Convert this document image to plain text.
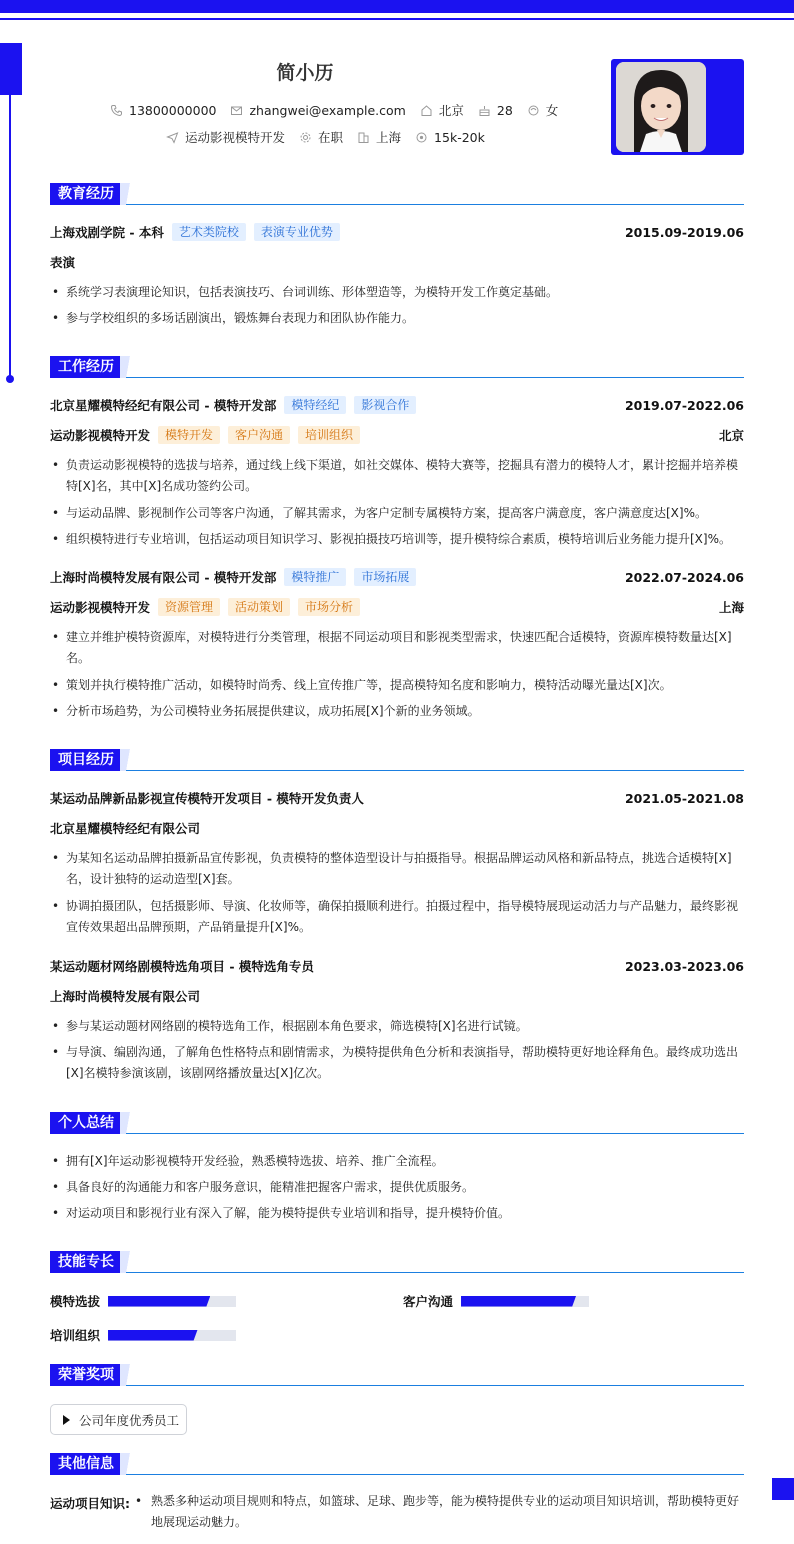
简小历
13800000000	zhangwei@example.com	北京	28	女
运动影视模特开发	在职	上海	15k-20k
教育经历
上海戏剧学院 - 本科	艺术类院校	表演专业优势	2015.09-2019.06
表演
• 系统学习表演理论知识，包括表演技巧、台词训练、形体塑造等，为模特开发工作奠定基础。
• 参与学校组织的多场话剧演出，锻炼舞台表现力和团队协作能力。
工作经历
北京星耀模特经纪有限公司 - 模特开发部	模特经纪	影视合作	2019.07-2022.06
运动影视模特开发	模特开发	客户沟通	培训组织	北京
• 负责运动影视模特的选拔与培养，通过线上线下渠道，如社交媒体、模特大赛等，挖掘具有潜力的模特人才，累计挖掘并培养模特[X]名，其中[X]名成功签约公司。
• 与运动品牌、影视制作公司等客户沟通，了解其需求，为客户定制专属模特方案，提高客户满意度，客户满意度达[X]%。
• 组织模特进行专业培训，包括运动项目知识学习、影视拍摄技巧培训等，提升模特综合素质，模特培训后业务能力提升[X]%。
上海时尚模特发展有限公司 - 模特开发部	模特推广	市场拓展	2022.07-2024.06
运动影视模特开发	资源管理	活动策划	市场分析	上海
• 建立并维护模特资源库，对模特进行分类管理，根据不同运动项目和影视类型需求，快速匹配合适模特，资源库模特数量达[X]名。
• 策划并执行模特推广活动，如模特时尚秀、线上宣传推广等，提高模特知名度和影响力，模特活动曝光量达[X]次。
• 分析市场趋势，为公司模特业务拓展提供建议，成功拓展[X]个新的业务领域。
项目经历
某运动品牌新品影视宣传模特开发项目 - 模特开发负责人	2021.05-2021.08
北京星耀模特经纪有限公司
• 为某知名运动品牌拍摄新品宣传影视，负责模特的整体造型设计与拍摄指导。根据品牌运动风格和新品特点，挑选合适模特[X]名，设计独特的运动造型[X]套。
• 协调拍摄团队，包括摄影师、导演、化妆师等，确保拍摄顺利进行。拍摄过程中，指导模特展现运动活力与产品魅力，最终影视宣传效果超出品牌预期，产品销量提升[X]%。
某运动题材网络剧模特选角项目 - 模特选角专员	2023.03-2023.06
上海时尚模特发展有限公司
• 参与某运动题材网络剧的模特选角工作，根据剧本角色要求，筛选模特[X]名进行试镜。
• 与导演、编剧沟通，了解角色性格特点和剧情需求，为模特提供角色分析和表演指导，帮助模特更好地诠释角色。最终成功选出[X]名模特参演该剧，该剧网络播放量达[X]亿次。
个人总结
• 拥有[X]年运动影视模特开发经验，熟悉模特选拔、培养、推广全流程。
• 具备良好的沟通能力和客户服务意识，能精准把握客户需求，提供优质服务。
• 对运动项目和影视行业有深入了解，能为模特提供专业培训和指导，提升模特价值。
技能专长
模特选拔	客户沟通
培训组织
荣誉奖项
公司年度优秀员工
其他信息
运动项目知识:
•	熟悉多种运动项目规则和特点，如篮球、足球、跑步等，能为模特提供专业的运动项目知识培训，帮助模特更好地展现运动魅力。
